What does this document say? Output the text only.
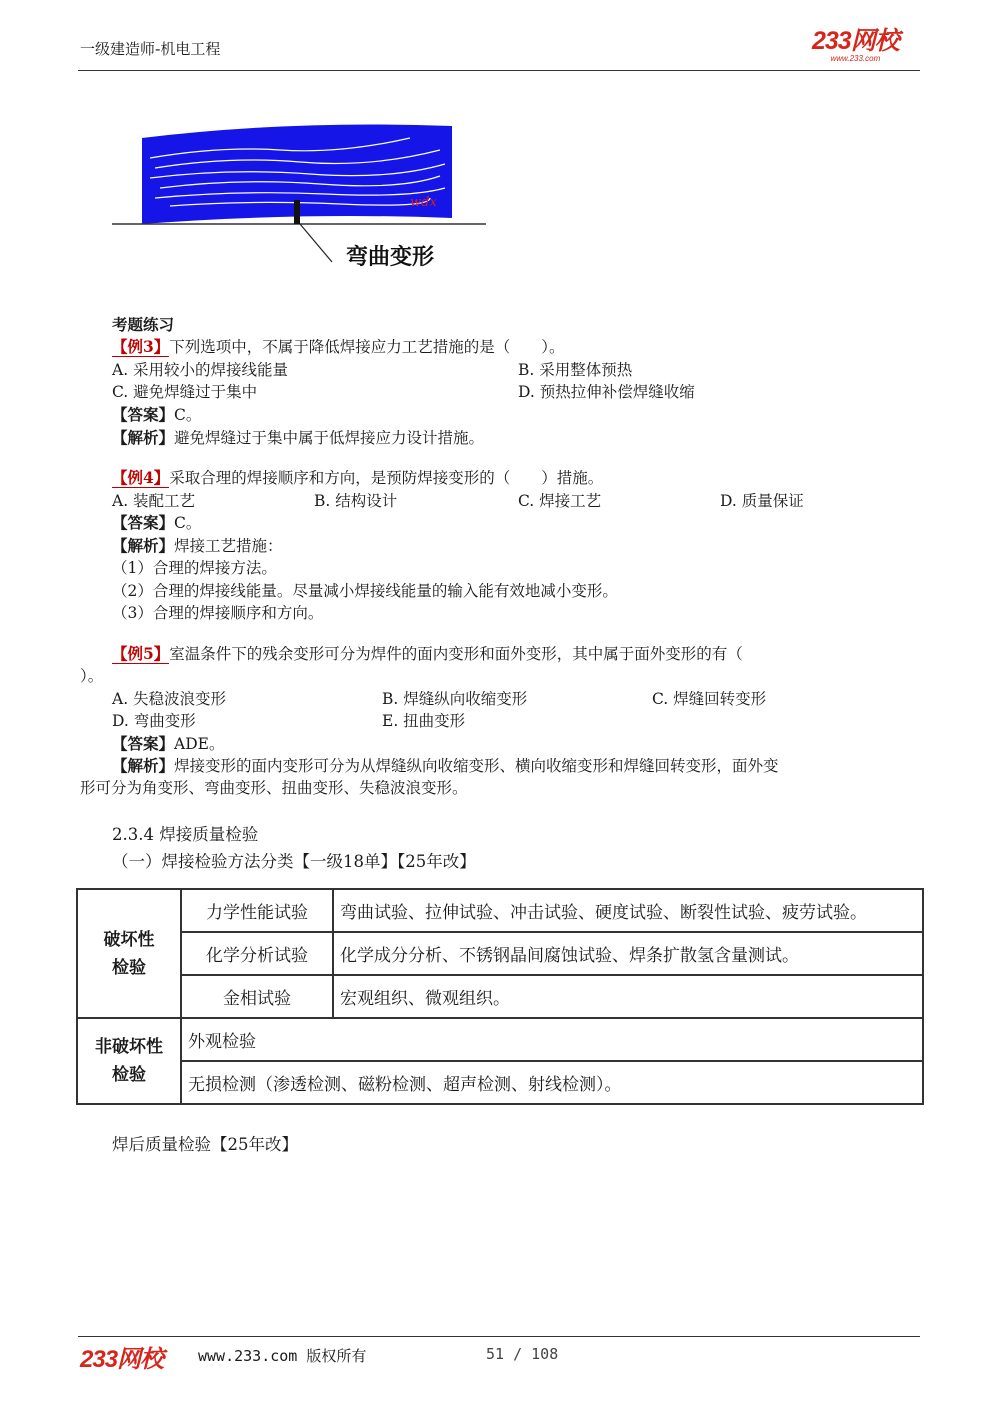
一级建造师-机电工程	233网校
www.233.com
wdx
弯曲变形
考题练习
【例3】下列选项中，不属于降低焊接应力工艺措施的是（　　）。
A. 采用较小的焊接线能量	B. 采用整体预热
C. 避免焊缝过于集中	D. 预热拉伸补偿焊缝收缩
【答案】C。
【解析】避免焊缝过于集中属于低焊接应力设计措施。
【例4】采取合理的焊接顺序和方向，是预防焊接变形的（　　）措施。
A. 装配工艺	B. 结构设计	C. 焊接工艺	D. 质量保证
【答案】C。
【解析】焊接工艺措施：
（1）合理的焊接方法。
（2）合理的焊接线能量。尽量减小焊接线能量的输入能有效地减小变形。
（3）合理的焊接顺序和方向。
【例5】室温条件下的残余变形可分为焊件的面内变形和面外变形，其中属于面外变形的有（
）。
A. 失稳波浪变形	B. 焊缝纵向收缩变形	C. 焊缝回转变形
D. 弯曲变形	E. 扭曲变形
【答案】ADE。
【解析】焊接变形的面内变形可分为从焊缝纵向收缩变形、横向收缩变形和焊缝回转变形，面外变
形可分为角变形、弯曲变形、扭曲变形、失稳波浪变形。
2.3.4 焊接质量检验
（一）焊接检验方法分类【一级18单】【25年改】
破坏性检验	力学性能试验	弯曲试验、拉伸试验、冲击试验、硬度试验、断裂性试验、疲劳试验。
	化学分析试验	化学成分分析、不锈钢晶间腐蚀试验、焊条扩散氢含量测试。
	金相试验	宏观组织、微观组织。

非破坏性检验	外观检验	
	无损检测（渗透检测、磁粉检测、超声检测、射线检测）。	
焊后质量检验【25年改】
233网校 www.233.com 版权所有	51 / 108
